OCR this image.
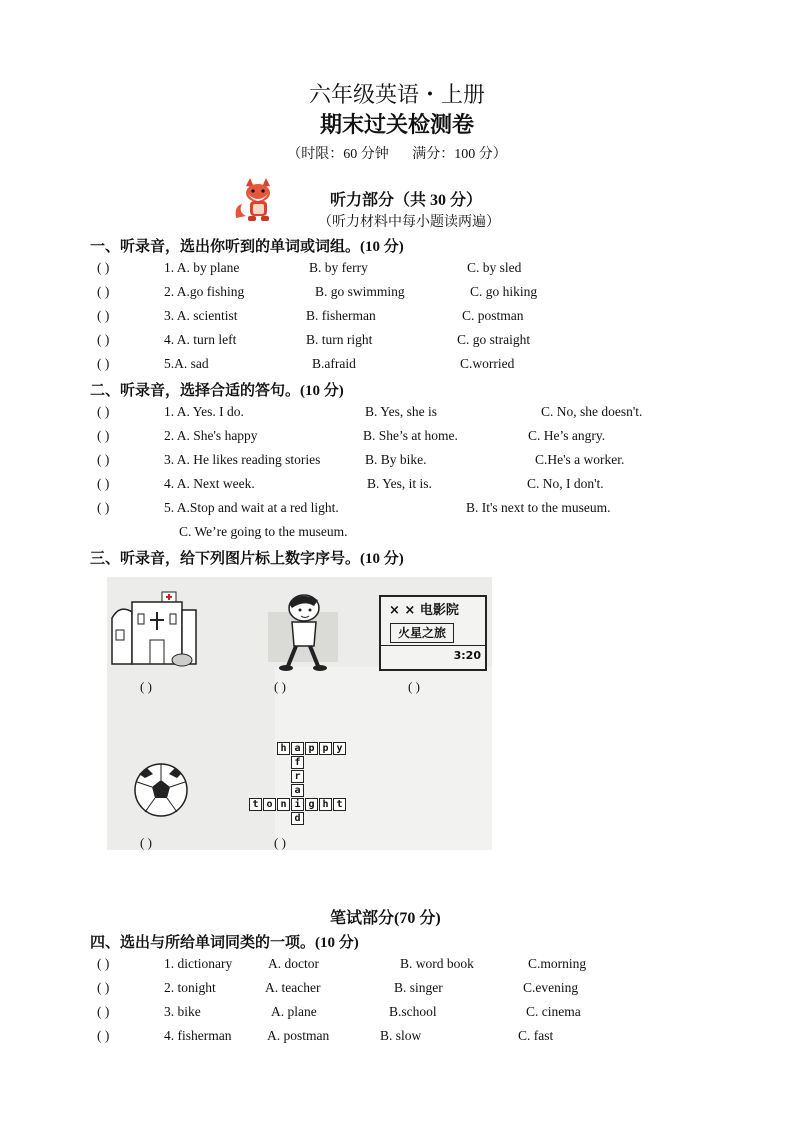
六年级英语・上册
期末过关检测卷
（时限：60 分钟 满分：100 分）
听力部分（共 30 分）
（听力材料中每小题读两遍）
一、听录音，选出你听到的单词或词组。(10 分)
( )	1. A. by plane	B. by ferry	C. by sled
( )	2. A.go fishing	B. go swimming	C. go hiking
( )	3. A. scientist	B. fisherman	C. postman
( )	4. A. turn left	B. turn right	C. go straight
( )	5.A. sad	B.afraid	C.worried
二、听录音，选择合适的答句。(10 分)
( )	1. A. Yes. I do.	B. Yes, she is	C. No, she doesn't.
( )	2. A. She's happy	B. She’s at home.	C. He’s angry.
( )	3. A. He likes reading stories	B. By bike.	C.He's a worker.
( )	4. A. Next week.	B. Yes, it is.	C. No, I don't.
( )	5. A.Stop and wait at a red light.	B. It's next to the museum.
C. We’re going to the museum.
三、听录音，给下列图片标上数字序号。(10 分)
× × 电影院
火星之旅
3:20
h a p p y
f
r
a
d
t o n i g h t
( )	( )	( )
( )	( )
笔试部分(70 分)
四、选出与所给单词同类的一项。(10 分)
( )	1. dictionary	A. doctor	B. word book	C.morning
( )	2. tonight	A. teacher	B. singer	C.evening
( )	3. bike	A. plane	B.school	C. cinema
( )	4. fisherman	A. postman	B. slow	C. fast
